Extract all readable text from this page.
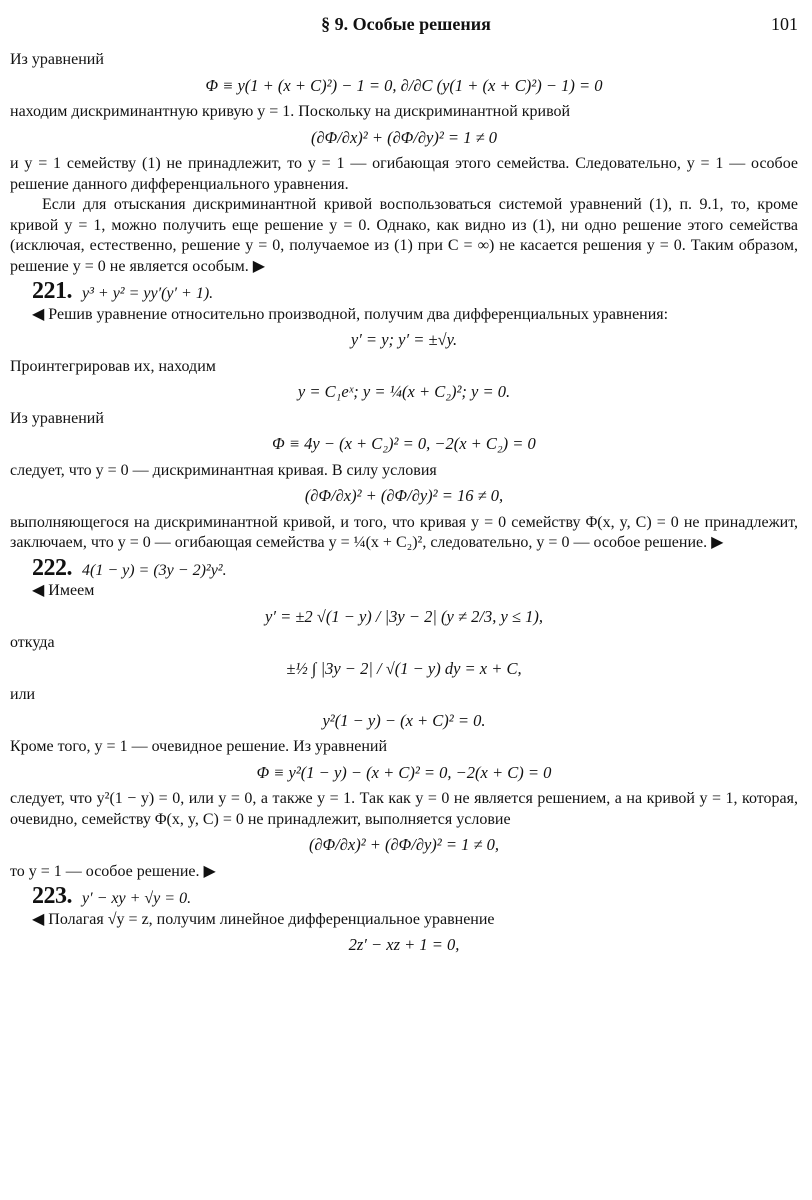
§ 9. Особые решения	101

Из уравнений

Φ ≡ y(1 + (x + C)²) − 1 = 0, ∂/∂C (y(1 + (x + C)²) − 1) = 0

находим дискриминантную кривую y = 1. Поскольку на дискриминантной кривой

(∂Φ/∂x)² + (∂Φ/∂y)² = 1 ≠ 0

и y = 1 семейству (1) не принадлежит, то y = 1 — огибающая этого семейства. Следовательно, y = 1 — особое решение данного дифференциального уравнения.

Если для отыскания дискриминантной кривой воспользоваться системой уравнений (1), п. 9.1, то, кроме кривой y = 1, можно получить еще решение y = 0. Однако, как видно из (1), ни одно решение этого семейства (исключая, естественно, решение y = 0, получаемое из (1) при C = ∞) не касается решения y = 0. Таким образом, решение y = 0 не является особым. ▶

221. y³ + y² = yy′(y′ + 1).

◀ Решив уравнение относительно производной, получим два дифференциальных уравнения:

y′ = y; y′ = ±√y.

Проинтегрировав их, находим

y = C₁eˣ; y = ¼(x + C₂)²; y = 0.

Из уравнений

Φ ≡ 4y − (x + C₂)² = 0, −2(x + C₂) = 0

следует, что y = 0 — дискриминантная кривая. В силу условия

(∂Φ/∂x)² + (∂Φ/∂y)² = 16 ≠ 0,

выполняющегося на дискриминантной кривой, и того, что кривая y = 0 семейству Φ(x, y, C) = 0 не принадлежит, заключаем, что y = 0 — огибающая семейства y = ¼(x + C₂)², следовательно, y = 0 — особое решение. ▶

222. 4(1 − y) = (3y − 2)²y².

◀ Имеем

y′ = ±2 √(1 − y) / |3y − 2| (y ≠ 2/3, y ≤ 1),

откуда

±½ ∫ |3y − 2| / √(1 − y) dy = x + C,

или

y²(1 − y) − (x + C)² = 0.

Кроме того, y = 1 — очевидное решение. Из уравнений

Φ ≡ y²(1 − y) − (x + C)² = 0, −2(x + C) = 0

следует, что y²(1 − y) = 0, или y = 0, а также y = 1. Так как y = 0 не является решением, а на кривой y = 1, которая, очевидно, семейству Φ(x, y, C) = 0 не принадлежит, выполняется условие

(∂Φ/∂x)² + (∂Φ/∂y)² = 1 ≠ 0,

то y = 1 — особое решение. ▶

223. y′ − xy + √y = 0.

◀ Полагая √y = z, получим линейное дифференциальное уравнение

2z′ − xz + 1 = 0,
